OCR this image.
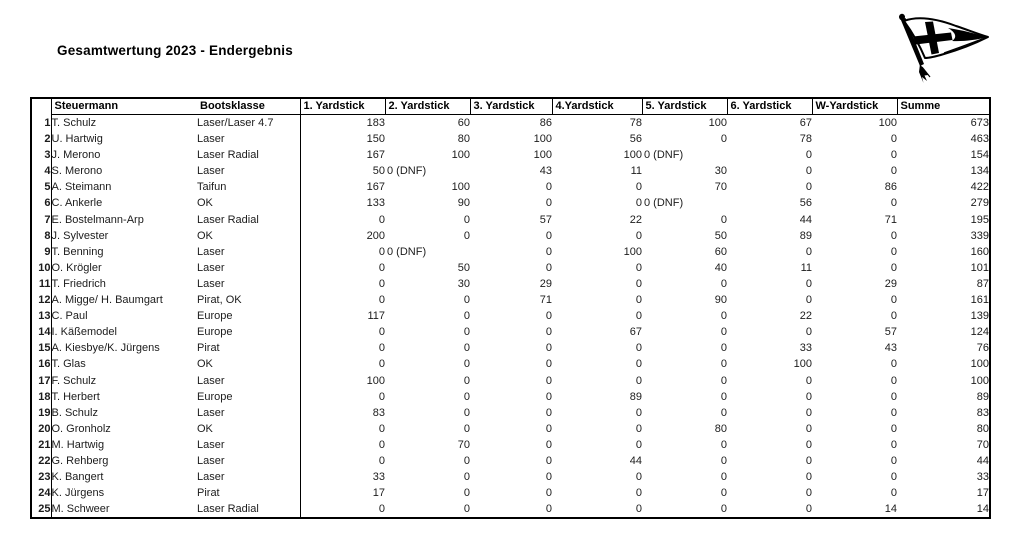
Gesamtwertung 2023 - Endergebnis
	Steuermann	Bootsklasse	1. Yardstick	2. Yardstick	3. Yardstick	4.Yardstick	5. Yardstick	6. Yardstick	W-Yardstick	Summe
1	T. Schulz	Laser/Laser 4.7	183	60	86	78	100	67	100	673
2	U. Hartwig	Laser	150	80	100	56	0	78	0	463
3	J. Merono	Laser Radial	167	100	100	100	0 (DNF)	0	0	154
4	S. Merono	Laser	50	0 (DNF)	43	11	30	0	0	134
5	A. Steimann	Taifun	167	100	0	0	70	0	86	422
6	C. Ankerle	OK	133	90	0	0	0 (DNF)	56	0	279
7	E. Bostelmann-Arp	Laser Radial	0	0	57	22	0	44	71	195
8	J. Sylvester	OK	200	0	0	0	50	89	0	339
9	T. Benning	Laser	0	0 (DNF)	0	100	60	0	0	160
10	O. Krögler	Laser	0	50	0	0	40	11	0	101
11	T. Friedrich	Laser	0	30	29	0	0	0	29	87
12	A. Migge/ H. Baumgart	Pirat, OK	0	0	71	0	90	0	0	161
13	C. Paul	Europe	117	0	0	0	0	22	0	139
14	I. Käßemodel	Europe	0	0	0	67	0	0	57	124
15	A. Kiesbye/K. Jürgens	Pirat	0	0	0	0	0	33	43	76
16	T. Glas	OK	0	0	0	0	0	100	0	100
17	F. Schulz	Laser	100	0	0	0	0	0	0	100
18	T. Herbert	Europe	0	0	0	89	0	0	0	89
19	B. Schulz	Laser	83	0	0	0	0	0	0	83
20	O. Gronholz	OK	0	0	0	0	80	0	0	80
21	M. Hartwig	Laser	0	70	0	0	0	0	0	70
22	G. Rehberg	Laser	0	0	0	44	0	0	0	44
23	K. Bangert	Laser	33	0	0	0	0	0	0	33
24	K. Jürgens	Pirat	17	0	0	0	0	0	0	17
25	M. Schweer	Laser Radial	0	0	0	0	0	0	14	14
